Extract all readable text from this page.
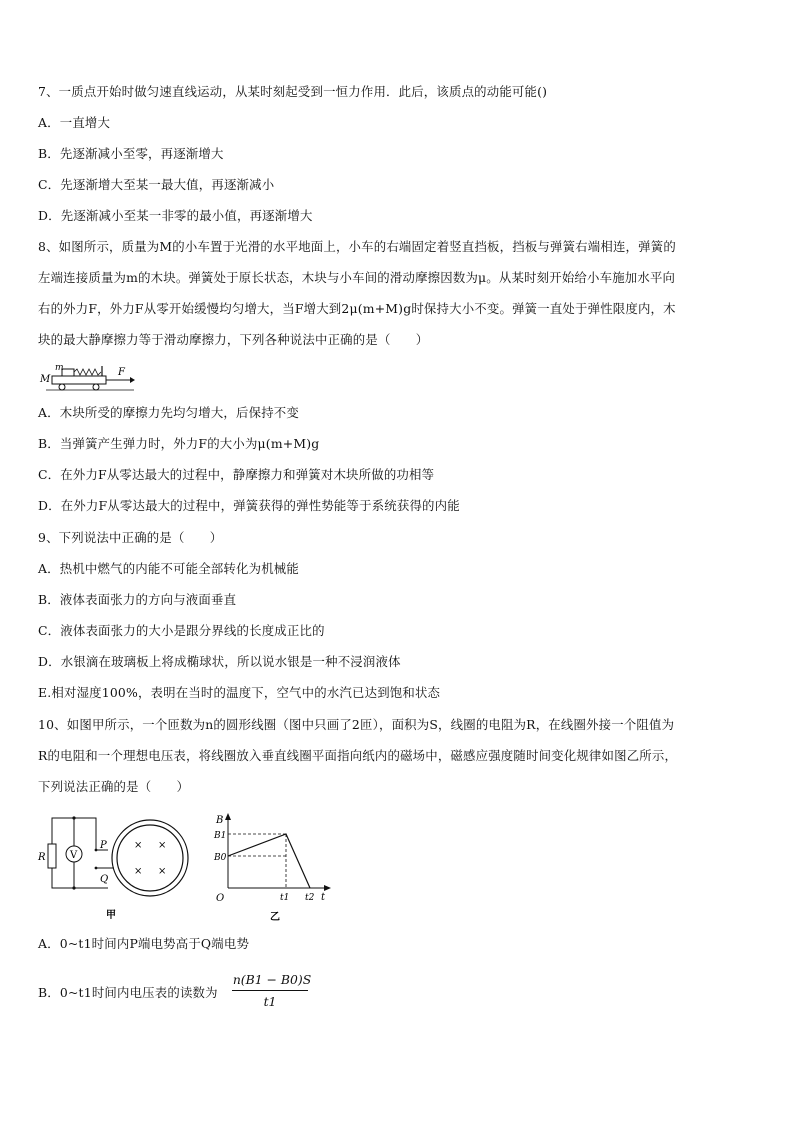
7、一质点开始时做匀速直线运动，从某时刻起受到一恒力作用．此后，该质点的动能可能()
A．一直增大
B．先逐渐减小至零，再逐渐增大
C．先逐渐增大至某一最大值，再逐渐减小
D．先逐渐减小至某一非零的最小值，再逐渐增大
8、如图所示，质量为M的小车置于光滑的水平地面上，小车的右端固定着竖直挡板，挡板与弹簧右端相连，弹簧的
左端连接质量为m的木块。弹簧处于原长状态，木块与小车间的滑动摩擦因数为μ。从某时刻开始给小车施加水平向
右的外力F，外力F从零开始缓慢均匀增大，当F增大到2μ(m+M)g时保持大小不变。弹簧一直处于弹性限度内，木
块的最大静摩擦力等于滑动摩擦力，下列各种说法中正确的是（　　）
M
m	F
A．木块所受的摩擦力先均匀增大，后保持不变
B．当弹簧产生弹力时，外力F的大小为μ(m+M)g
C．在外力F从零达最大的过程中，静摩擦力和弹簧对木块所做的功相等
D．在外力F从零达最大的过程中，弹簧获得的弹性势能等于系统获得的内能
9、下列说法中正确的是（　　）
A．热机中燃气的内能不可能全部转化为机械能
B．液体表面张力的方向与液面垂直
C．液体表面张力的大小是跟分界线的长度成正比的
D．水银滴在玻璃板上将成椭球状，所以说水银是一种不浸润液体
E.相对湿度100%，表明在当时的温度下，空气中的水汽已达到饱和状态
10、如图甲所示，一个匝数为n的圆形线圈（图中只画了2匝），面积为S，线圈的电阻为R，在线圈外接一个阻值为
R的电阻和一个理想电压表，将线圈放入垂直线圈平面指向纸内的磁场中，磁感应强度随时间变化规律如图乙所示，
下列说法正确的是（　　）
R V
P
Q
× ×
× ×
甲
B
B1
B0
O	t1 t2 t
乙
A．0~t1时间内P端电势高于Q端电势
B．0~t1时间内电压表的读数为
n(B1 − B0)S
t1
